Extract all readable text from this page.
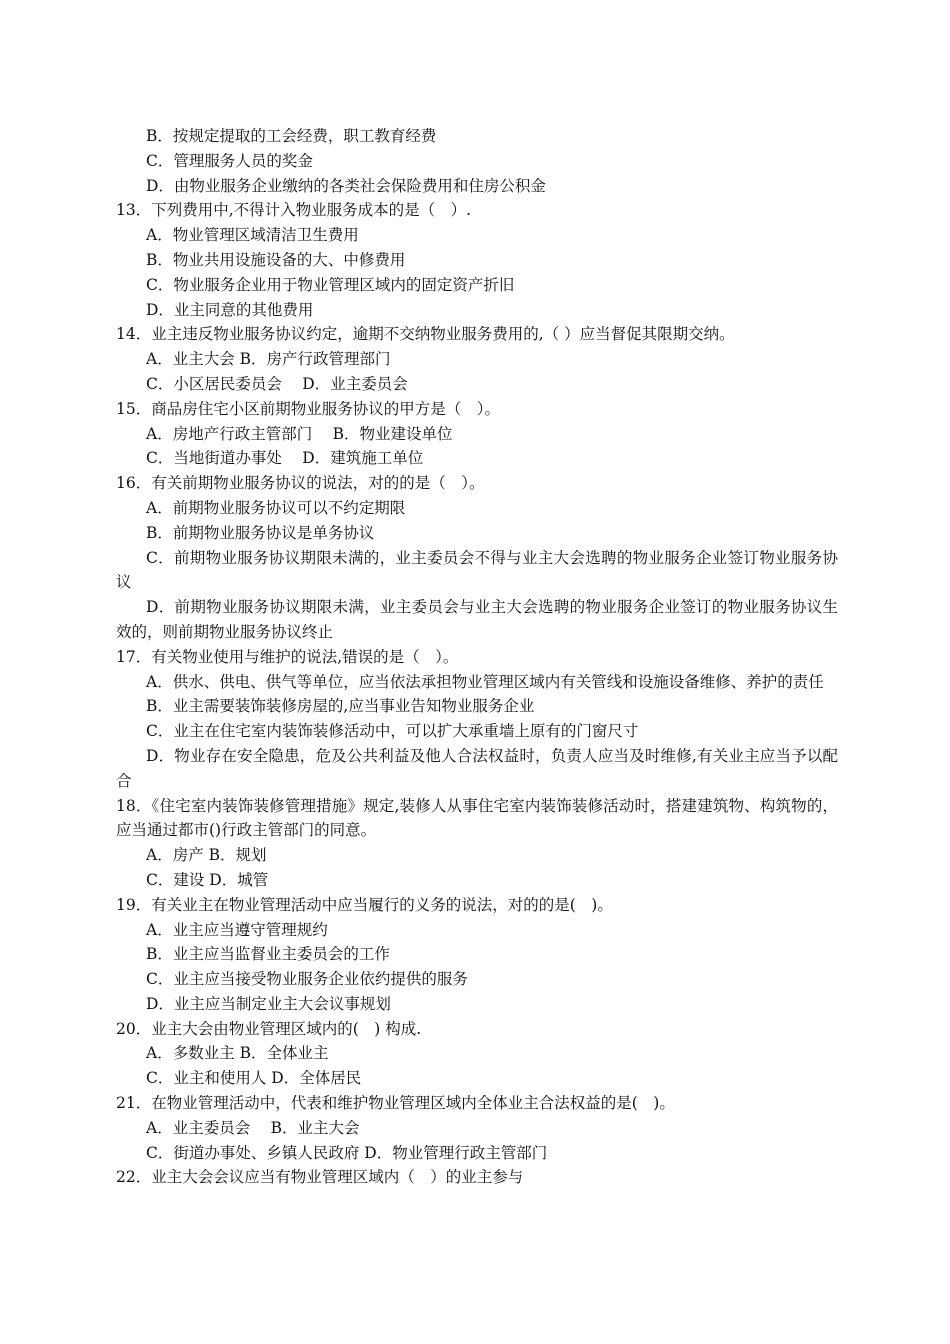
B．按规定提取的工会经费，职工教育经费

C．管理服务人员的奖金

D．由物业服务企业缴纳的各类社会保险费用和住房公积金

13．下列费用中,不得计入物业服务成本的是（　）.

A．物业管理区域清洁卫生费用

B．物业共用设施设备的大、中修费用

C．物业服务企业用于物业管理区域内的固定资产折旧

D．业主同意的其他费用

14．业主违反物业服务协议约定，逾期不交纳物业服务费用的,（ ）应当督促其限期交纳。

A．业主大会 B．房产行政管理部门

C．小区居民委员会　 D．业主委员会

15．商品房住宅小区前期物业服务协议的甲方是（　）。

A．房地产行政主管部门　 B．物业建设单位

C．当地街道办事处　 D．建筑施工单位

16．有关前期物业服务协议的说法，对的的是（　）。

A．前期物业服务协议可以不约定期限

B．前期物业服务协议是单务协议

C．前期物业服务协议期限未满的，业主委员会不得与业主大会选聘的物业服务企业签订物业服务协议

D．前期物业服务协议期限未满，业主委员会与业主大会选聘的物业服务企业签订的物业服务协议生效的，则前期物业服务协议终止

17．有关物业使用与维护的说法,错误的是（　）。

A．供水、供电、供气等单位，应当依法承担物业管理区域内有关管线和设施设备维修、养护的责任

B．业主需要装饰装修房屋的,应当事业告知物业服务企业

C．业主在住宅室内装饰装修活动中，可以扩大承重墙上原有的门窗尺寸

D．物业存在安全隐患，危及公共利益及他人合法权益时，负责人应当及时维修,有关业主应当予以配合

18．《住宅室内装饰装修管理措施》规定,装修人从事住宅室内装饰装修活动时，搭建建筑物、构筑物的，应当通过都市()行政主管部门的同意。

A．房产 B．规划

C．建设 D．城管

19．有关业主在物业管理活动中应当履行的义务的说法，对的的是(　)。

A．业主应当遵守管理规约

B．业主应当监督业主委员会的工作

C．业主应当接受物业服务企业依约提供的服务

D．业主应当制定业主大会议事规划

20．业主大会由物业管理区域内的(　) 构成.

A．多数业主 B．全体业主

C．业主和使用人 D．全体居民

21．在物业管理活动中，代表和维护物业管理区域内全体业主合法权益的是(　)。

A．业主委员会　 B．业主大会

C．街道办事处、乡镇人民政府 D．物业管理行政主管部门

22．业主大会会议应当有物业管理区域内（　）的业主参与
